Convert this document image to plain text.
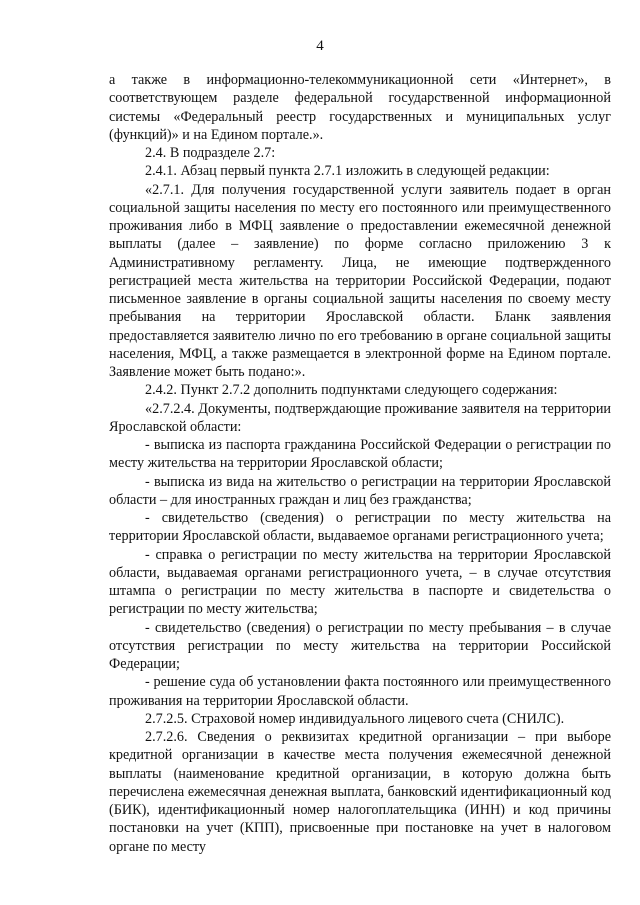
4

а также в информационно-телекоммуникационной сети «Интернет», в соответствующем разделе федеральной государственной информационной системы «Федеральный реестр государственных и муниципальных услуг (функций)» и на Едином портале.».

2.4. В подразделе 2.7:

2.4.1. Абзац первый пункта 2.7.1 изложить в следующей редакции:

«2.7.1. Для получения государственной услуги заявитель подает в орган социальной защиты населения по месту его постоянного или преимущественного проживания либо в МФЦ заявление о предоставлении ежемесячной денежной выплаты (далее – заявление) по форме согласно приложению 3 к Административному регламенту. Лица, не имеющие подтвержденного регистрацией места жительства на территории Российской Федерации, подают письменное заявление в органы социальной защиты населения по своему месту пребывания на территории Ярославской области. Бланк заявления предоставляется заявителю лично по его требованию в органе социальной защиты населения, МФЦ, а также размещается в электронной форме на Едином портале. Заявление может быть подано:».

2.4.2. Пункт 2.7.2 дополнить подпунктами следующего содержания:

«2.7.2.4. Документы, подтверждающие проживание заявителя на территории Ярославской области:

- выписка из паспорта гражданина Российской Федерации о регистрации по месту жительства на территории Ярославской области;

- выписка из вида на жительство о регистрации на территории Ярославской области – для иностранных граждан и лиц без гражданства;

- свидетельство (сведения) о регистрации по месту жительства на территории Ярославской области, выдаваемое органами регистрационного учета;

- справка о регистрации по месту жительства на территории Ярославской области, выдаваемая органами регистрационного учета, – в случае отсутствия штампа о регистрации по месту жительства в паспорте и свидетельства о регистрации по месту жительства;

- свидетельство (сведения) о регистрации по месту пребывания – в случае отсутствия регистрации по месту жительства на территории Российской Федерации;

- решение суда об установлении факта постоянного или преимущественного проживания на территории Ярославской области.

2.7.2.5. Страховой номер индивидуального лицевого счета (СНИЛС).

2.7.2.6. Сведения о реквизитах кредитной организации – при выборе кредитной организации в качестве места получения ежемесячной денежной выплаты (наименование кредитной организации, в которую должна быть перечислена ежемесячная денежная выплата, банковский идентификационный код (БИК), идентификационный номер налогоплательщика (ИНН) и код причины постановки на учет (КПП), присвоенные при постановке на учет в налоговом органе по месту
